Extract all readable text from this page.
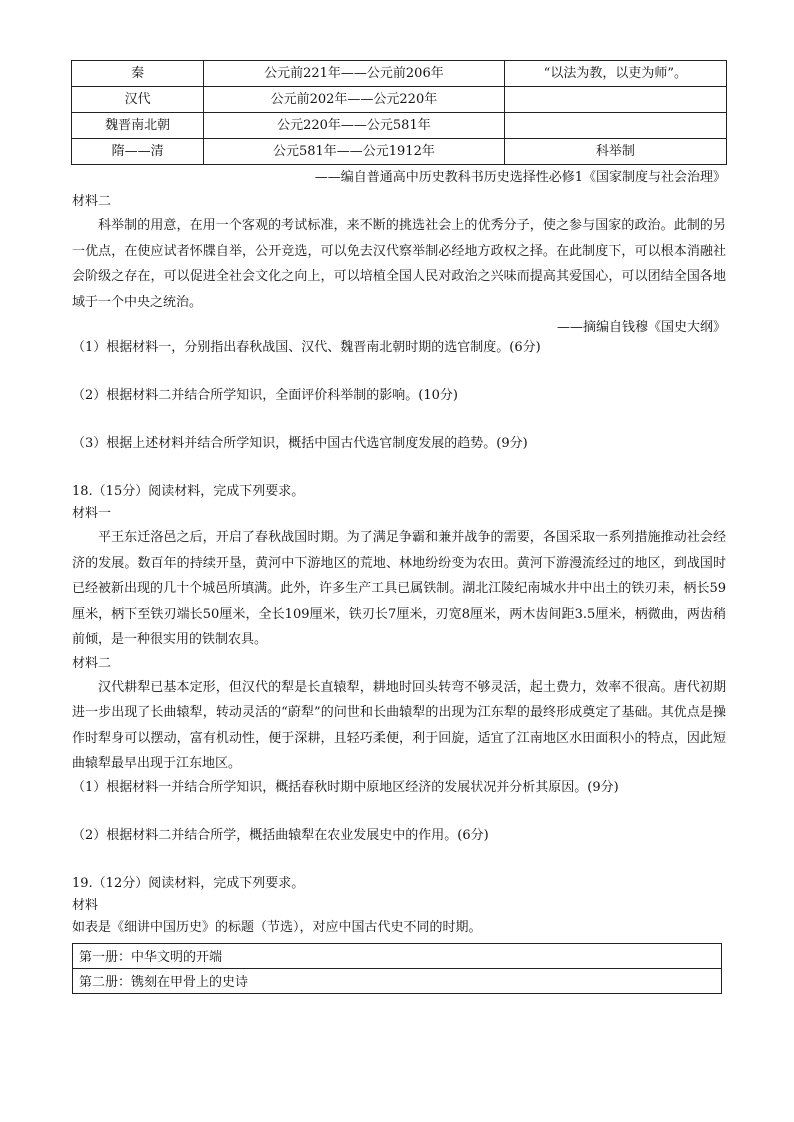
秦	公元前221年——公元前206年	“以法为教，以吏为师”。
汉代	公元前202年——公元220年	
魏晋南北朝	公元220年——公元581年	
隋——清	公元581年——公元1912年	科举制
——编自普通高中历史教科书历史选择性必修1《国家制度与社会治理》
材料二
科举制的用意，在用一个客观的考试标准，来不断的挑选社会上的优秀分子，使之参与国家的政治。此制的另一优点，在使应试者怀牒自举，公开竞选，可以免去汉代察举制必经地方政权之择。在此制度下，可以根本消融社会阶级之存在，可以促进全社会文化之向上，可以培植全国人民对政治之兴味而提高其爱国心，可以团结全国各地域于一个中央之统治。
——摘编自钱穆《国史大纲》
（1）根据材料一，分别指出春秋战国、汉代、魏晋南北朝时期的选官制度。(6分)
（2）根据材料二并结合所学知识，全面评价科举制的影响。(10分)
（3）根据上述材料并结合所学知识，概括中国古代选官制度发展的趋势。(9分)
18.（15分）阅读材料，完成下列要求。
材料一
平王东迁洛邑之后，开启了春秋战国时期。为了满足争霸和兼并战争的需要，各国采取一系列措施推动社会经济的发展。数百年的持续开垦，黄河中下游地区的荒地、林地纷纷变为农田。黄河下游漫流经过的地区，到战国时已经被新出现的几十个城邑所填满。此外，许多生产工具已属铁制。湖北江陵纪南城水井中出土的铁刃耒，柄长59厘米，柄下至铁刃端长50厘米，全长109厘米，铁刃长7厘米，刃宽8厘米，两木齿间距3.5厘米，柄微曲，两齿稍前倾，是一种很实用的铁制农具。
材料二
汉代耕犁已基本定形，但汉代的犁是长直辕犁，耕地时回头转弯不够灵活，起土费力，效率不很高。唐代初期进一步出现了长曲辕犁，转动灵活的“蔚犁”的问世和长曲辕犁的出现为江东犁的最终形成奠定了基础。其优点是操作时犁身可以摆动，富有机动性，便于深耕，且轻巧柔便，利于回旋，适宜了江南地区水田面积小的特点，因此短曲辕犁最早出现于江东地区。
（1）根据材料一并结合所学知识，概括春秋时期中原地区经济的发展状况并分析其原因。(9分)
（2）根据材料二并结合所学，概括曲辕犁在农业发展史中的作用。(6分)
19.（12分）阅读材料，完成下列要求。
材料
如表是《细讲中国历史》的标题（节选），对应中国古代史不同的时期。
第一册：中华文明的开端
第二册：镌刻在甲骨上的史诗
